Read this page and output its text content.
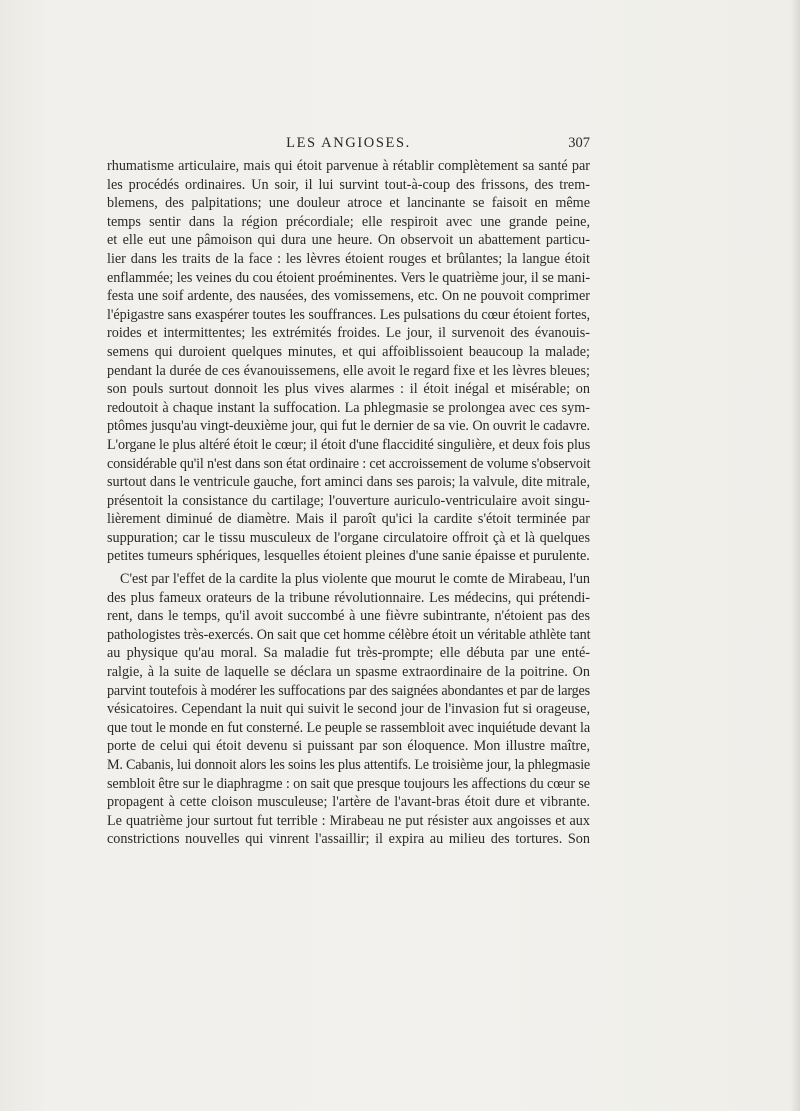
LES ANGIOSES.	307
rhumatisme articulaire, mais qui étoit parvenue à rétablir complètement sa santé par
les procédés ordinaires. Un soir, il lui survint tout-à-coup des frissons, des trem-
blemens, des palpitations; une douleur atroce et lancinante se faisoit en même
temps sentir dans la région précordiale; elle respiroit avec une grande peine,
et elle eut une pâmoison qui dura une heure. On observoit un abattement particu-
lier dans les traits de la face : les lèvres étoient rouges et brûlantes; la langue étoit
enflammée; les veines du cou étoient proéminentes. Vers le quatrième jour, il se mani-
festa une soif ardente, des nausées, des vomissemens, etc. On ne pouvoit comprimer
l'épigastre sans exaspérer toutes les souffrances. Les pulsations du cœur étoient fortes,
roides et intermittentes; les extrémités froides. Le jour, il survenoit des évanouis-
semens qui duroient quelques minutes, et qui affoiblissoient beaucoup la malade;
pendant la durée de ces évanouissemens, elle avoit le regard fixe et les lèvres bleues;
son pouls surtout donnoit les plus vives alarmes : il étoit inégal et misérable; on
redoutoit à chaque instant la suffocation. La phlegmasie se prolongea avec ces sym-
ptômes jusqu'au vingt-deuxième jour, qui fut le dernier de sa vie. On ouvrit le cadavre.
L'organe le plus altéré étoit le cœur; il étoit d'une flaccidité singulière, et deux fois plus
considérable qu'il n'est dans son état ordinaire : cet accroissement de volume s'observoit
surtout dans le ventricule gauche, fort aminci dans ses parois; la valvule, dite mitrale,
présentoit la consistance du cartilage; l'ouverture auriculo-ventriculaire avoit singu-
lièrement diminué de diamètre. Mais il paroît qu'ici la cardite s'étoit terminée par
suppuration; car le tissu musculeux de l'organe circulatoire offroit çà et là quelques
petites tumeurs sphériques, lesquelles étoient pleines d'une sanie épaisse et purulente.
C'est par l'effet de la cardite la plus violente que mourut le comte de Mirabeau, l'un
des plus fameux orateurs de la tribune révolutionnaire. Les médecins, qui prétendi-
rent, dans le temps, qu'il avoit succombé à une fièvre subintrante, n'étoient pas des
pathologistes très-exercés. On sait que cet homme célèbre étoit un véritable athlète tant
au physique qu'au moral. Sa maladie fut très-prompte; elle débuta par une enté-
ralgie, à la suite de laquelle se déclara un spasme extraordinaire de la poitrine. On
parvint toutefois à modérer les suffocations par des saignées abondantes et par de larges
vésicatoires. Cependant la nuit qui suivit le second jour de l'invasion fut si orageuse,
que tout le monde en fut consterné. Le peuple se rassembloit avec inquiétude devant la
porte de celui qui étoit devenu si puissant par son éloquence. Mon illustre maître,
M. Cabanis, lui donnoit alors les soins les plus attentifs. Le troisième jour, la phlegmasie
sembloit être sur le diaphragme : on sait que presque toujours les affections du cœur se
propagent à cette cloison musculeuse; l'artère de l'avant-bras étoit dure et vibrante.
Le quatrième jour surtout fut terrible : Mirabeau ne put résister aux angoisses et aux
constrictions nouvelles qui vinrent l'assaillir; il expira au milieu des tortures. Son
